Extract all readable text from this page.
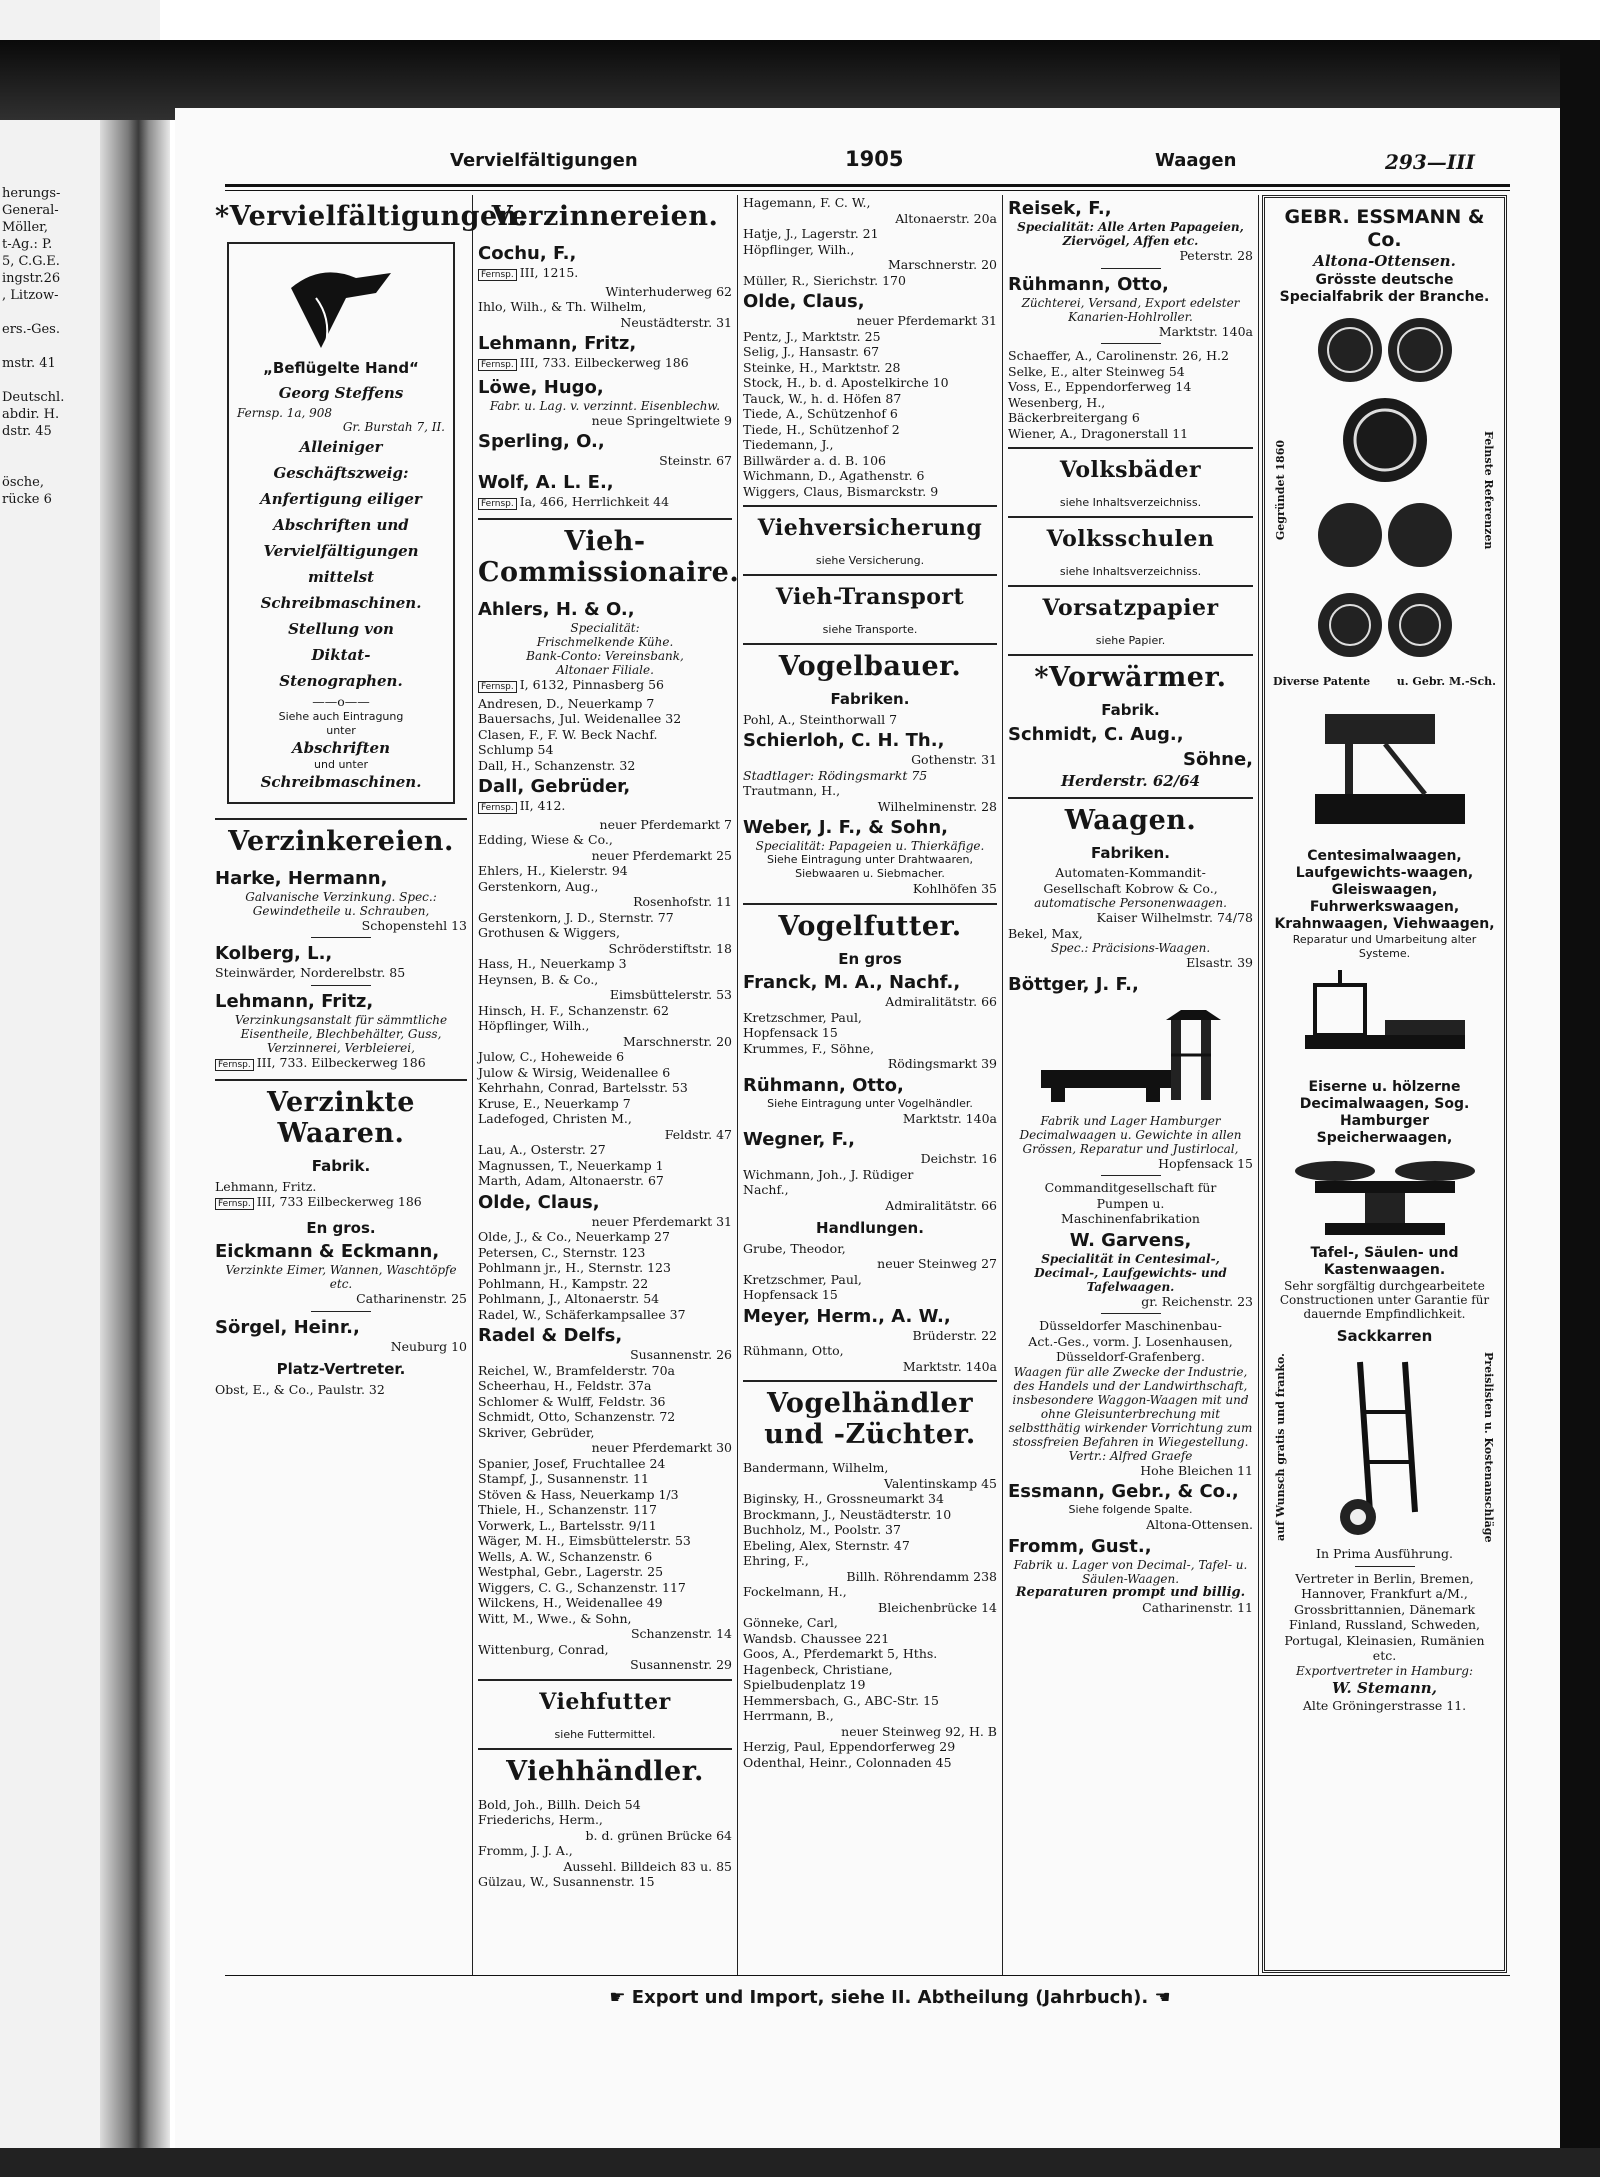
herungs-
General-
Möller,
t-Ag.: P.
5, C.G.E.
ingstr.26
, Litzow-
ers.-Ges.
mstr. 41
Deutschl.
abdir. H.
dstr. 45
ösche,
rücke 6
Vervielfältigungen	1905	Waagen	293—III
*Vervielfältigungen.
„Beflügelte Hand“
Georg Steffens
Fernsp. 1a, 908
Gr. Burstah 7, II.
Alleiniger
Geschäftszweig:
Anfertigung eiliger
Abschriften und
Vervielfältigungen
mittelst
Schreibmaschinen.
Stellung von
Diktat-
Stenographen.
——o——
Siehe auch Eintragung
unter
Abschriften
und unter
Schreibmaschinen.
Verzinkereien.
Harke, Hermann,
Galvanische Verzinkung. Spec.: Gewindetheile u. Schrauben,
Schopenstehl 13
Kolberg, L.,
Steinwärder, Norderelbstr. 85
Lehmann, Fritz,
Verzinkungsanstalt für sämmtliche Eisentheile, Blechbehälter, Guss, Verzinnerei, Verbleierei,
Fernsp. III, 733. Eilbeckerweg 186
Verzinkte Waaren.
Fabrik.
Lehmann, Fritz.
Fernsp. III, 733 Eilbeckerweg 186
En gros.
Eickmann & Eckmann,
Verzinkte Eimer, Wannen, Waschtöpfe etc.
Catharinenstr. 25
Sörgel, Heinr.,
Neuburg 10
Platz-Vertreter.
Obst, E., & Co., Paulstr. 32
Verzinnereien.
Cochu, F.,
Fernsp. III, 1215.
Winterhuderweg 62
Ihlo, Wilh., & Th. Wilhelm,
Neustädterstr. 31
Lehmann, Fritz,
Fernsp. III, 733. Eilbeckerweg 186
Löwe, Hugo,
Fabr. u. Lag. v. verzinnt. Eisenblechw.
neue Springeltwiete 9
Sperling, O.,
Steinstr. 67
Wolf, A. L. E.,
Fernsp. Ia, 466, Herrlichkeit 44
Vieh-Commissionaire.
Ahlers, H. & O.,
Specialität:
Frischmelkende Kühe.
Bank-Conto: Vereinsbank,
Altonaer Filiale.
Fernsp. I, 6132, Pinnasberg 56
Andresen, D., Neuerkamp 7
Bauersachs, Jul. Weidenallee 32
Clasen, F., F. W. Beck Nachf.
Schlump 54
Dall, H., Schanzenstr. 32
Dall, Gebrüder,
Fernsp. II, 412.
neuer Pferdemarkt 7
Edding, Wiese & Co.,
neuer Pferdemarkt 25
Ehlers, H., Kielerstr. 94
Gerstenkorn, Aug.,
Rosenhofstr. 11
Gerstenkorn, J. D., Sternstr. 77
Grothusen & Wiggers,
Schröderstiftstr. 18
Hass, H., Neuerkamp 3
Heynsen, B. & Co.,
Eimsbüttelerstr. 53
Hinsch, H. F., Schanzenstr. 62
Höpflinger, Wilh.,
Marschnerstr. 20
Julow, C., Hoheweide 6
Julow & Wirsig, Weidenallee 6
Kehrhahn, Conrad, Bartelsstr. 53
Kruse, E., Neuerkamp 7
Ladefoged, Christen M.,
Feldstr. 47
Lau, A., Osterstr. 27
Magnussen, T., Neuerkamp 1
Marth, Adam, Altonaerstr. 67
Olde, Claus,
neuer Pferdemarkt 31
Olde, J., & Co., Neuerkamp 27
Petersen, C., Sternstr. 123
Pohlmann jr., H., Sternstr. 123
Pohlmann, H., Kampstr. 22
Pohlmann, J., Altonaerstr. 54
Radel, W., Schäferkampsallee 37
Radel & Delfs,
Susannenstr. 26
Reichel, W., Bramfelderstr. 70a
Scheerhau, H., Feldstr. 37a
Schlomer & Wulff, Feldstr. 36
Schmidt, Otto, Schanzenstr. 72
Skriver, Gebrüder,
neuer Pferdemarkt 30
Spanier, Josef, Fruchtallee 24
Stampf, J., Susannenstr. 11
Stöven & Hass, Neuerkamp 1/3
Thiele, H., Schanzenstr. 117
Vorwerk, L., Bartelsstr. 9/11
Wäger, M. H., Eimsbüttelerstr. 53
Wells, A. W., Schanzenstr. 6
Westphal, Gebr., Lagerstr. 25
Wiggers, C. G., Schanzenstr. 117
Wilckens, H., Weidenallee 49
Witt, M., Wwe., & Sohn,
Schanzenstr. 14
Wittenburg, Conrad,
Susannenstr. 29
Viehfutter
siehe Futtermittel.
Viehhändler.
Bold, Joh., Billh. Deich 54
Friederichs, Herm.,
b. d. grünen Brücke 64
Fromm, J. J. A.,
Aussehl. Billdeich 83 u. 85
Gülzau, W., Susannenstr. 15
Hagemann, F. C. W.,
Altonaerstr. 20a
Hatje, J., Lagerstr. 21
Höpflinger, Wilh.,
Marschnerstr. 20
Müller, R., Sierichstr. 170
Olde, Claus,
neuer Pferdemarkt 31
Pentz, J., Marktstr. 25
Selig, J., Hansastr. 67
Steinke, H., Marktstr. 28
Stock, H., b. d. Apostelkirche 10
Tauck, W., h. d. Höfen 87
Tiede, A., Schützenhof 6
Tiede, H., Schützenhof 2
Tiedemann, J.,
Billwärder a. d. B. 106
Wichmann, D., Agathenstr. 6
Wiggers, Claus, Bismarckstr. 9
Viehversicherung
siehe Versicherung.
Vieh-Transport
siehe Transporte.
Vogelbauer.
Fabriken.
Pohl, A., Steinthorwall 7
Schierloh, C. H. Th.,
Gothenstr. 31
Stadtlager: Rödingsmarkt 75
Trautmann, H.,
Wilhelminenstr. 28
Weber, J. F., & Sohn,
Specialität: Papageien u. Thierkäfige.
Siehe Eintragung unter Drahtwaaren, Siebwaaren u. Siebmacher.
Kohlhöfen 35
Vogelfutter.
En gros
Franck, M. A., Nachf.,
Admiralitätstr. 66
Kretzschmer, Paul,
Hopfensack 15
Krummes, F., Söhne,
Rödingsmarkt 39
Rühmann, Otto,
Siehe Eintragung unter Vogelhändler.
Marktstr. 140a
Wegner, F.,
Deichstr. 16
Wichmann, Joh., J. Rüdiger
Nachf.,
Admiralitätstr. 66
Handlungen.
Grube, Theodor,
neuer Steinweg 27
Kretzschmer, Paul,
Hopfensack 15
Meyer, Herm., A. W.,
Brüderstr. 22
Rühmann, Otto,
Marktstr. 140a
Vogelhändler und -Züchter.
Bandermann, Wilhelm,
Valentinskamp 45
Biginsky, H., Grossneumarkt 34
Brockmann, J., Neustädterstr. 10
Buchholz, M., Poolstr. 37
Ebeling, Alex, Sternstr. 47
Ehring, F.,
Billh. Röhrendamm 238
Fockelmann, H.,
Bleichenbrücke 14
Gönneke, Carl,
Wandsb. Chaussee 221
Goos, A., Pferdemarkt 5, Hths.
Hagenbeck, Christiane,
Spielbudenplatz 19
Hemmersbach, G., ABC-Str. 15
Herrmann, B.,
neuer Steinweg 92, H. B
Herzig, Paul, Eppendorferweg 29
Odenthal, Heinr., Colonnaden 45
Reisek, F.,
Specialität: Alle Arten Papageien, Ziervögel, Affen etc.
Peterstr. 28
Rühmann, Otto,
Züchterei, Versand, Export edelster Kanarien-Hohlroller.
Marktstr. 140a
Schaeffer, A., Carolinenstr. 26, H.2
Selke, E., alter Steinweg 54
Voss, E., Eppendorferweg 14
Wesenberg, H.,
Bäckerbreitergang 6
Wiener, A., Dragonerstall 11
Volksbäder
siehe Inhaltsverzeichniss.
Volksschulen
siehe Inhaltsverzeichniss.
Vorsatzpapier
siehe Papier.
*Vorwärmer.
Fabrik.
Schmidt, C. Aug.,
Söhne,
Herderstr. 62/64
Waagen.
Fabriken.
Automaten-Kommandit-
Gesellschaft Kobrow & Co.,
automatische Personenwaagen.
Kaiser Wilhelmstr. 74/78
Bekel, Max,
Spec.: Präcisions-Waagen.
Elsastr. 39
Böttger, J. F.,
Fabrik und Lager Hamburger Decimalwaagen u. Gewichte in allen Grössen, Reparatur und Justirlocal,
Hopfensack 15
Commanditgesellschaft für
Pumpen u.
Maschinenfabrikation
W. Garvens,
Specialität in Centesimal-, Decimal-, Laufgewichts- und Tafelwaagen.
gr. Reichenstr. 23
Düsseldorfer Maschinenbau-
Act.-Ges., vorm. J. Losenhausen,
Düsseldorf-Grafenberg.
Waagen für alle Zwecke der Industrie, des Handels und der Landwirthschaft, insbesondere Waggon-Waagen mit und ohne Gleisunterbrechung mit selbstthätig wirkender Vorrichtung zum stossfreien Befahren in Wiegestellung.
Vertr.: Alfred Graefe
Hohe Bleichen 11
Essmann, Gebr., & Co.,
Siehe folgende Spalte.
Altona-Ottensen.
Fromm, Gust.,
Fabrik u. Lager von Decimal-, Tafel- u. Säulen-Waagen.
Reparaturen prompt und billig.
Catharinenstr. 11
GEBR. ESSMANN & Co.
Altona-Ottensen.
Grösste deutsche Specialfabrik der Branche.
Gegründet 1860	Felnste Referenzen
Diverse Patente u. Gebr. M.-Sch.
Centesimalwaagen, Laufgewichts-waagen, Gleiswaagen, Fuhrwerkswaagen, Krahnwaagen, Viehwaagen,
Reparatur und Umarbeitung alter Systeme.
Eiserne u. hölzerne Decimalwaagen, Sog. Hamburger Speicherwaagen,
Tafel-, Säulen- und Kastenwaagen.
Sehr sorgfältig durchgearbeitete Constructionen unter Garantie für dauernde Empfindlichkeit.
Sackkarren
auf Wunsch gratis und franko.	Preislisten u. Kostenanschläge
In Prima Ausführung.
Vertreter in Berlin, Bremen, Hannover, Frankfurt a/M., Grossbrittannien, Dänemark Finland, Russland, Schweden, Portugal, Kleinasien, Rumänien etc.
Exportvertreter in Hamburg:
W. Stemann,
Alte Gröningerstrasse 11.
☛ Export und Import, siehe II. Abtheilung (Jahrbuch). ☚
